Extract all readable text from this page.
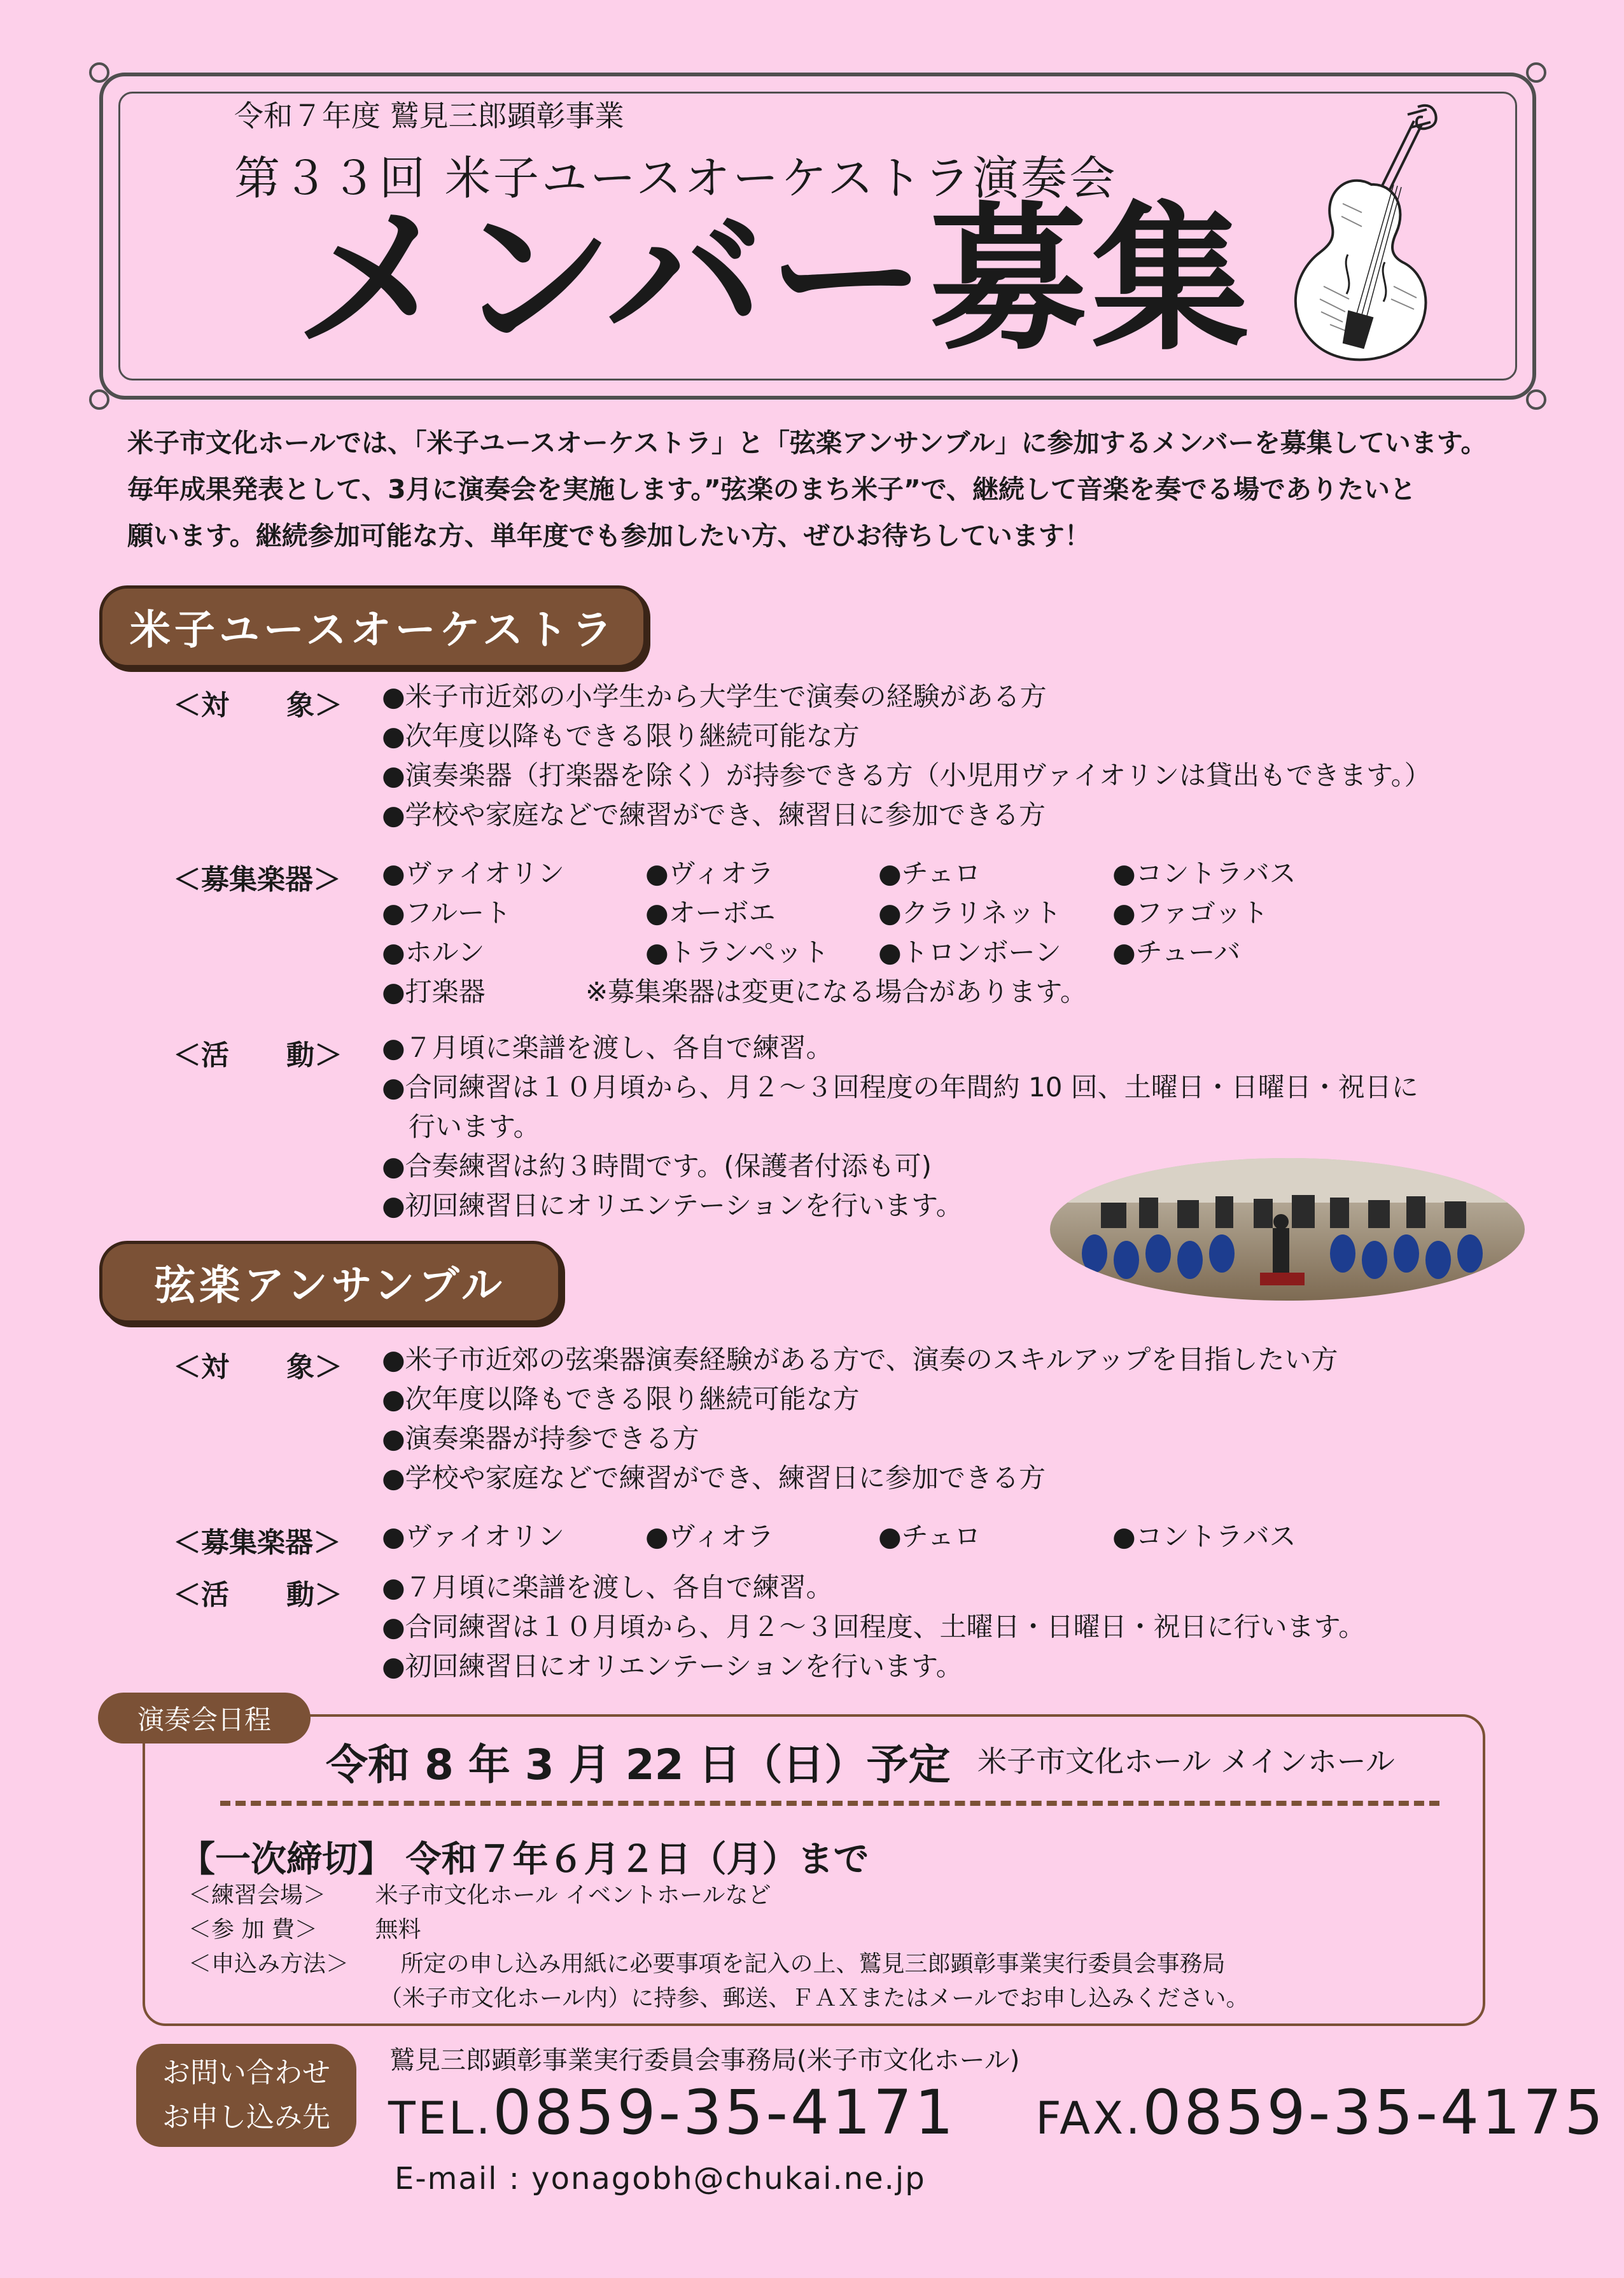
令和７年度 鷲見三郎顕彰事業
第３３回 米子ユースオーケストラ演奏会
メンバー募集

米子市文化ホールでは、「米子ユースオーケストラ」と「弦楽アンサンブル」に参加するメンバーを募集しています。

毎年成果発表として、3月に演奏会を実施します。”弦楽のまち米子”で、継続して音楽を奏でる場でありたいと

願います。継続参加可能な方、単年度でも参加したい方、ぜひお待ちしています！

米子ユースオーケストラ
＜対 象＞ ●米子市近郊の小学生から大学生で演奏の経験がある方
●次年度以降もできる限り継続可能な方
●演奏楽器（打楽器を除く）が持参できる方（小児用ヴァイオリンは貸出もできます。）
●学校や家庭などで練習ができ、練習日に参加できる方
＜募集楽器＞ ●ヴァイオリン	●ヴィオラ	●チェロ	●コントラバス
●フルート	●オーボエ	●クラリネット ●ファゴット
●ホルン	●トランペット ●トロンボーン ●チューバ
●打楽器	※募集楽器は変更になる場合があります。
＜活 動＞ ●７月頃に楽譜を渡し、各自で練習。
●合同練習は１０月頃から、月２～３回程度の年間約 10 回、土曜日・日曜日・祝日に
行います。
●合奏練習は約３時間です。(保護者付添も可)
●初回練習日にオリエンテーションを行います。
弦楽アンサンブル
＜対 象＞ ●米子市近郊の弦楽器演奏経験がある方で、演奏のスキルアップを目指したい方
●次年度以降もできる限り継続可能な方
●演奏楽器が持参できる方
●学校や家庭などで練習ができ、練習日に参加できる方
＜募集楽器＞ ●ヴァイオリン	●ヴィオラ	●チェロ	●コントラバス
＜活 動＞ ●７月頃に楽譜を渡し、各自で練習。
●合同練習は１０月頃から、月２～３回程度、土曜日・日曜日・祝日に行います。
●初回練習日にオリエンテーションを行います。
演奏会日程
令和 8 年 3 月 22 日（日）予定 米子市文化ホール メインホール
【一次締切】 令和７年６月２日（月）まで
＜練習会場＞ 米子市文化ホール イベントホールなど
＜参 加 費＞	無料
＜申込み方法＞ 所定の申し込み用紙に必要事項を記入の上、鷲見三郎顕彰事業実行委員会事務局
（米子市文化ホール内）に持参、郵送、ＦＡＸまたはメールでお申し込みください。
お問い合わせ
お申し込み先
鷲見三郎顕彰事業実行委員会事務局(米子市文化ホール)
TEL.0859-35-4171 FAX.0859-35-4175
E-mail : yonagobh@chukai.ne.jp
